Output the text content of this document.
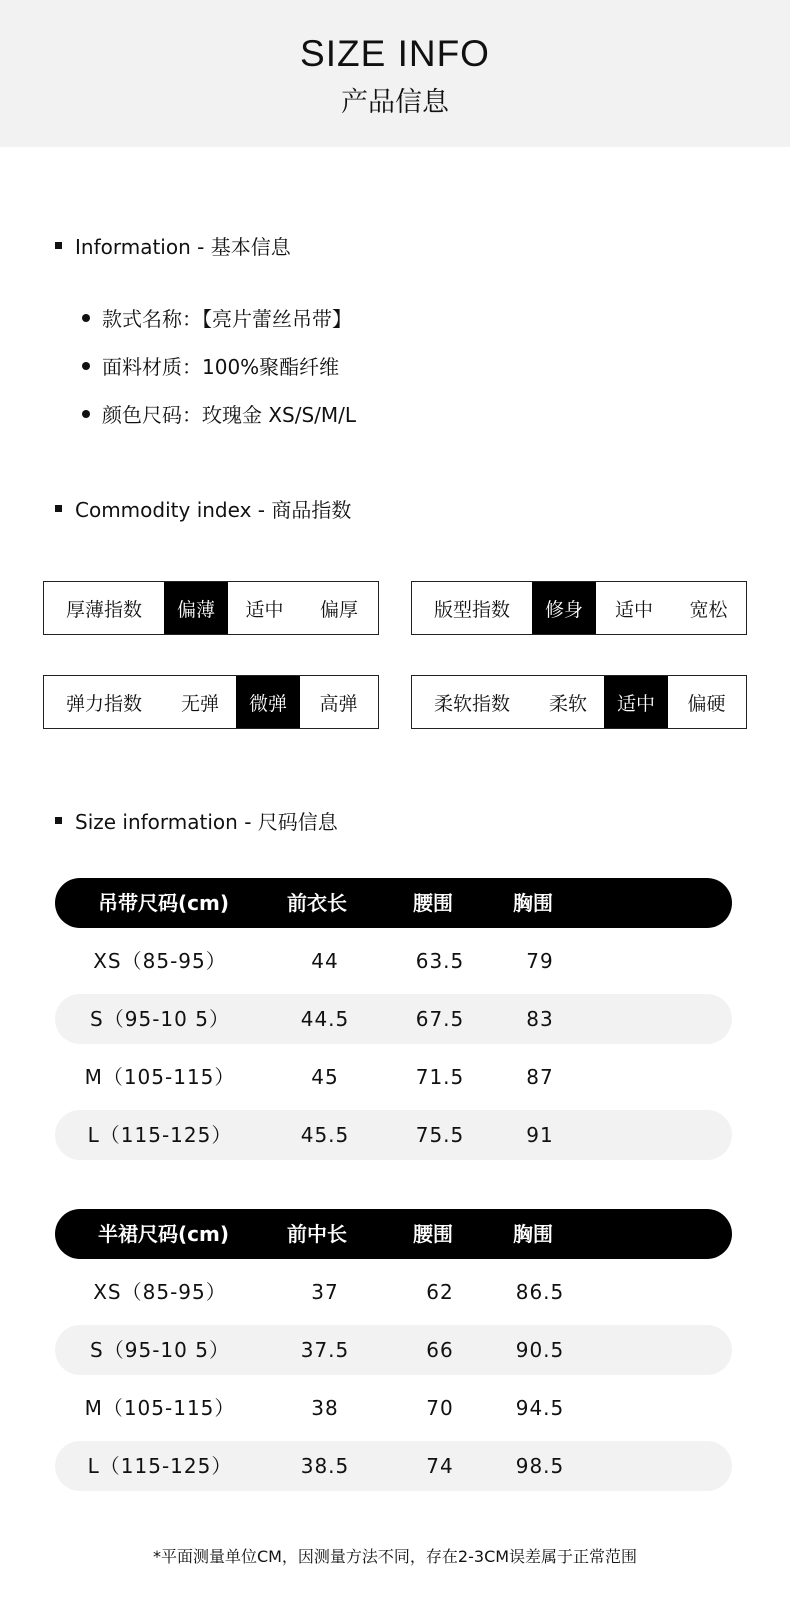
SIZE INFO
产品信息
Information - 基本信息
款式名称：【亮片蕾丝吊带】
面料材质：100%聚酯纤维
颜色尺码：玫瑰金 XS/S/M/L
Commodity index - 商品指数
厚薄指数	偏薄	适中	偏厚	版型指数	修身	适中	宽松
弹力指数	无弹	微弹	高弹	柔软指数	柔软	适中	偏硬
Size information - 尺码信息
吊带尺码(cm)	前衣长	腰围	胸围
XS（85-95）	44	63.5	79
S（95-10 5）	44.5	67.5	83
M（105-115）	45	71.5	87
L（115-125）	45.5	75.5	91
半裙尺码(cm)	前中长	腰围	胸围
XS（85-95）	37	62	86.5
S（95-10 5）	37.5	66	90.5
M（105-115）	38	70	94.5
L（115-125）	38.5	74	98.5
*平面测量单位CM，因测量方法不同，存在2-3CM误差属于正常范围
